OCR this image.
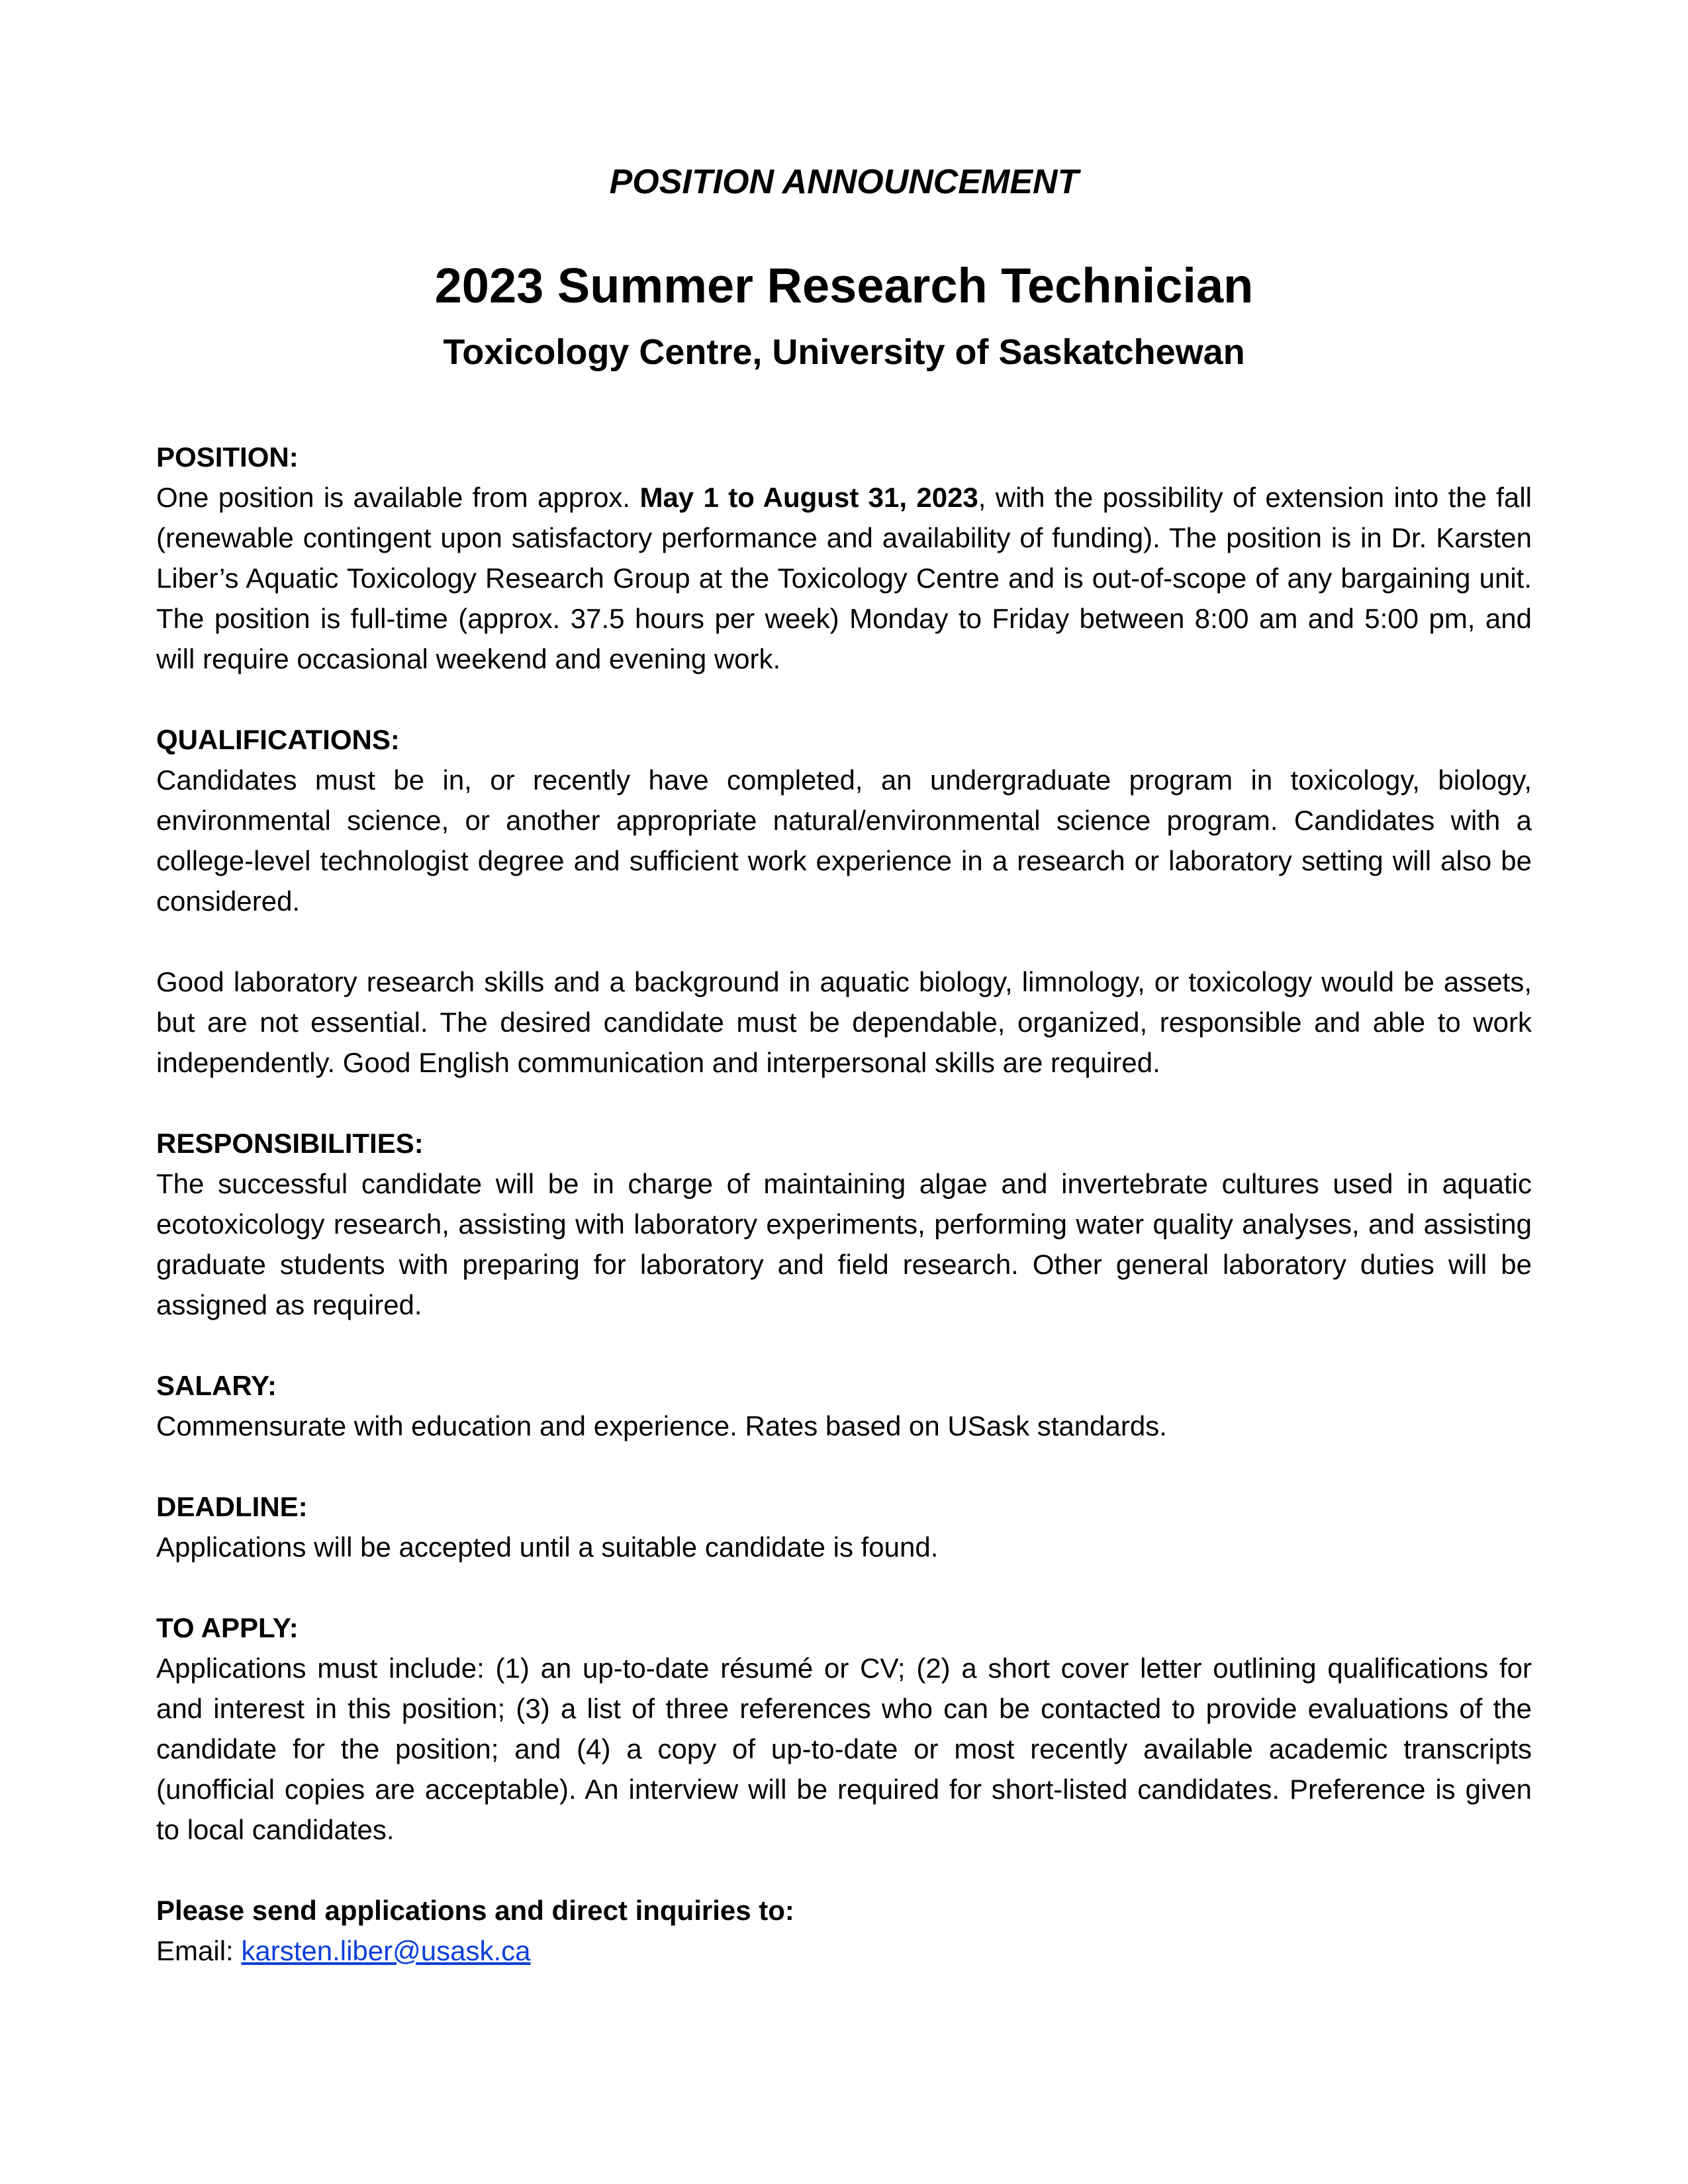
POSITION ANNOUNCEMENT
2023 Summer Research Technician
Toxicology Centre, University of Saskatchewan
POSITION:

One position is available from approx. May 1 to August 31, 2023, with the possibility of extension into the fall (renewable contingent upon satisfactory performance and availability of funding). The position is in Dr. Karsten Liber’s Aquatic Toxicology Research Group at the Toxicology Centre and is out-of-scope of any bargaining unit. The position is full-time (approx. 37.5 hours per week) Monday to Friday between 8:00 am and 5:00 pm, and will require occasional weekend and evening work.

QUALIFICATIONS:

Candidates must be in, or recently have completed, an undergraduate program in toxicology, biology, environmental science, or another appropriate natural/environmental science program. Candidates with a college-level technologist degree and sufficient work experience in a research or laboratory setting will also be considered.

Good laboratory research skills and a background in aquatic biology, limnology, or toxicology would be assets, but are not essential. The desired candidate must be dependable, organized, responsible and able to work independently. Good English communication and interpersonal skills are required.

RESPONSIBILITIES:

The successful candidate will be in charge of maintaining algae and invertebrate cultures used in aquatic ecotoxicology research, assisting with laboratory experiments, performing water quality analyses, and assisting graduate students with preparing for laboratory and field research. Other general laboratory duties will be assigned as required.

SALARY:

Commensurate with education and experience. Rates based on USask standards.

DEADLINE:

Applications will be accepted until a suitable candidate is found.

TO APPLY:

Applications must include: (1) an up-to-date résumé or CV; (2) a short cover letter outlining qualifications for and interest in this position; (3) a list of three references who can be contacted to provide evaluations of the candidate for the position; and (4) a copy of up-to-date or most recently available academic transcripts (unofficial copies are acceptable). An interview will be required for short-listed candidates. Preference is given to local candidates.

Please send applications and direct inquiries to:

Email: karsten.liber@usask.ca
